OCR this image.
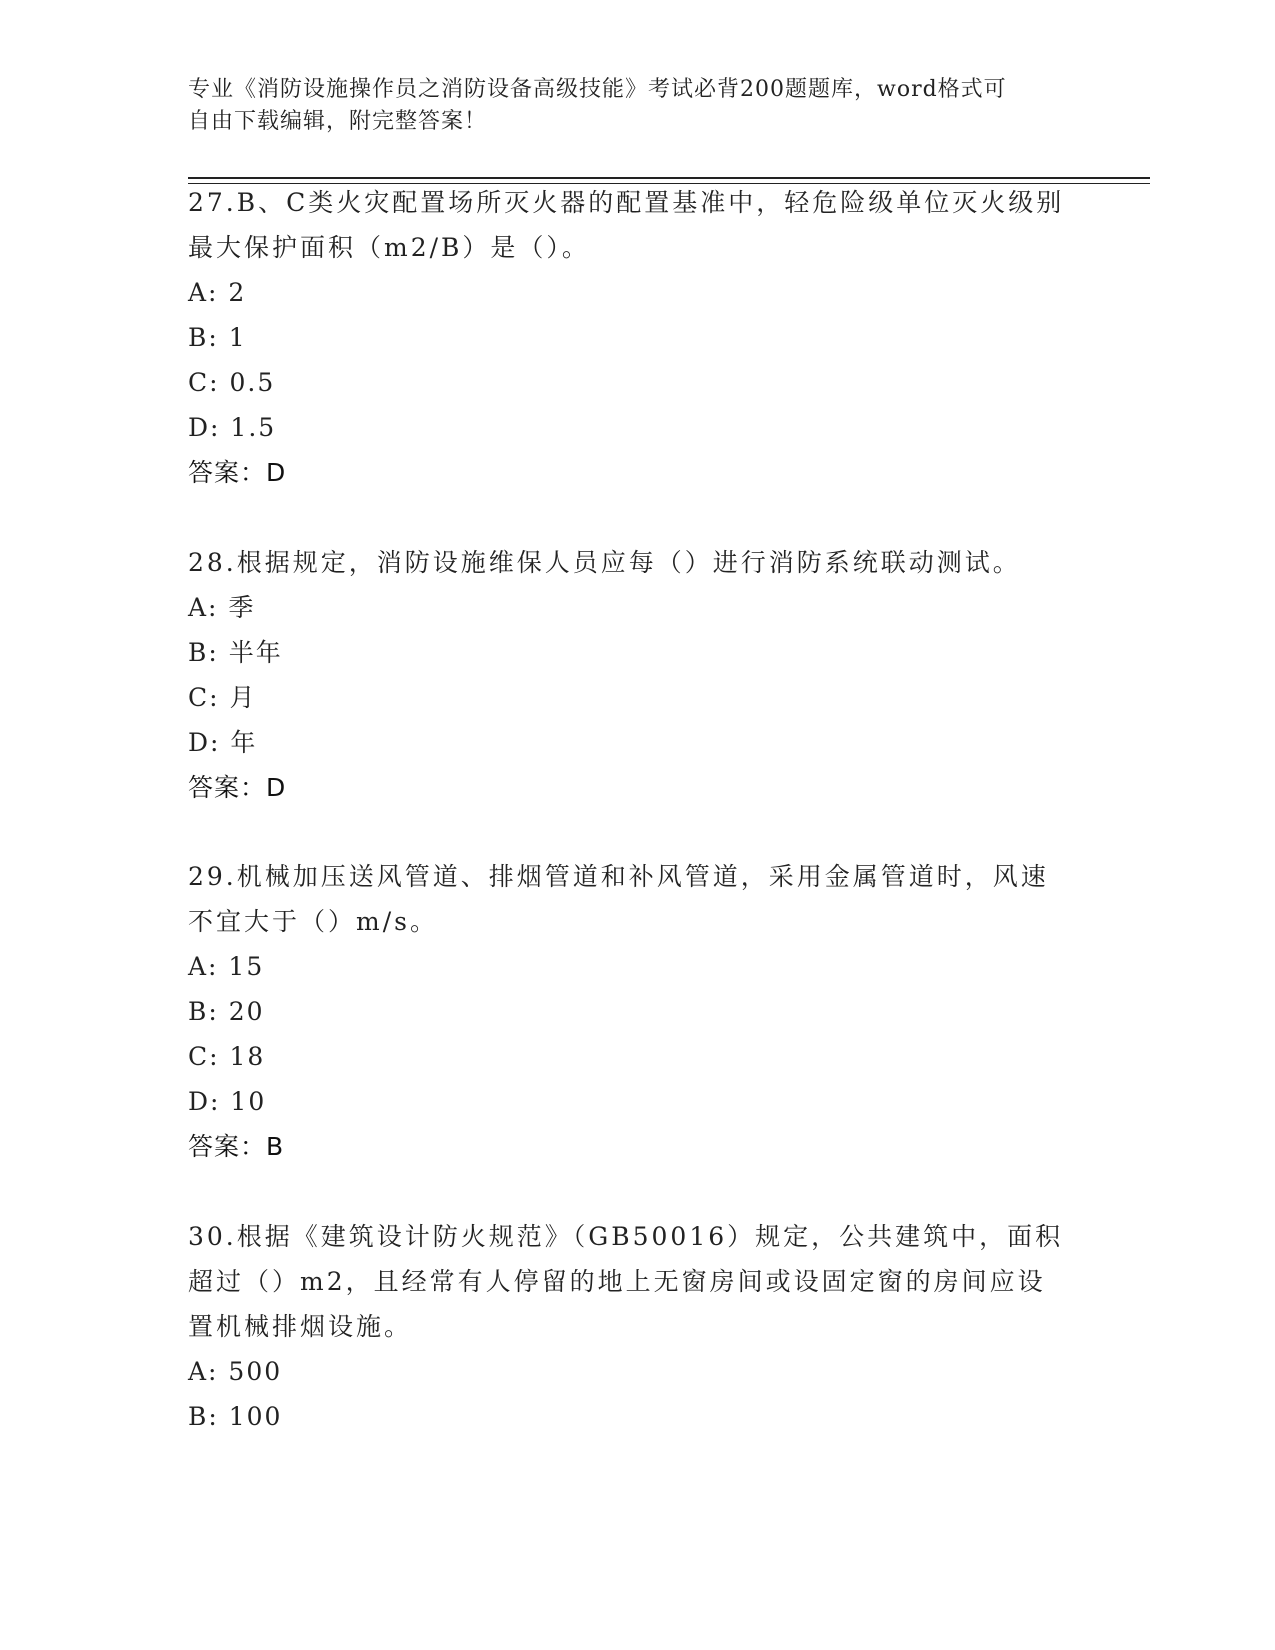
专业《消防设施操作员之消防设备高级技能》考试必背200题题库，word格式可
自由下载编辑，附完整答案！

27.B、C类火灾配置场所灭火器的配置基准中，轻危险级单位灭火级别

最大保护面积（m2/B）是（）。

A: 2

B: 1

C: 0.5

D: 1.5

答案：D

28.根据规定，消防设施维保人员应每（）进行消防系统联动测试。

A: 季

B: 半年

C: 月

D: 年

答案：D

29.机械加压送风管道、排烟管道和补风管道，采用金属管道时，风速

不宜大于（）m/s。

A: 15

B: 20

C: 18

D: 10

答案：B

30.根据《建筑设计防火规范》（GB50016）规定，公共建筑中，面积

超过（）m2，且经常有人停留的地上无窗房间或设固定窗的房间应设

置机械排烟设施。

A: 500

B: 100
